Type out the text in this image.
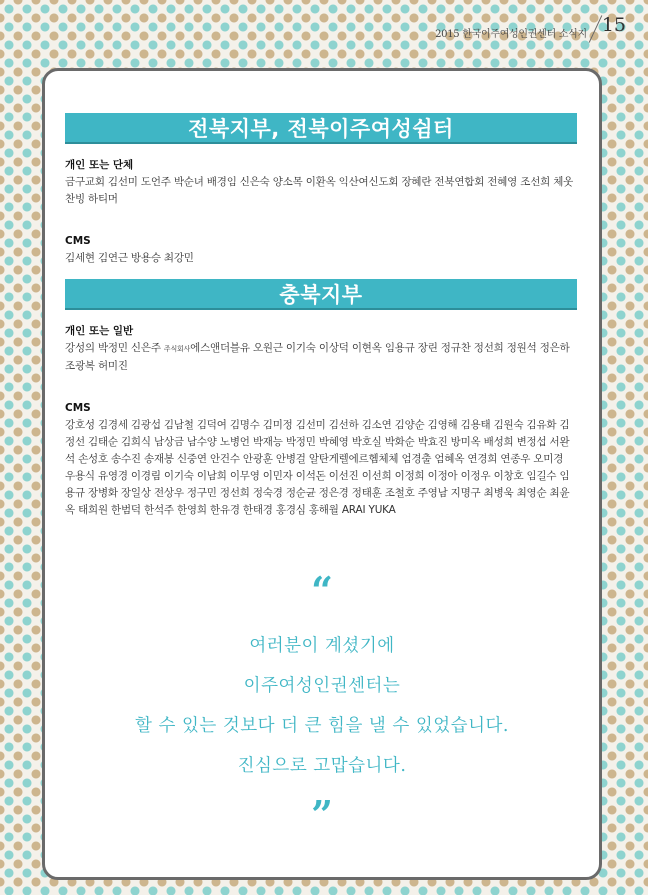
2015 한국이주여성인권센터 소식지 15
전북지부, 전북이주여성쉼터
개인 또는 단체
금구교회 김선미 도언주 박순녀 배경임 신은숙 양소목 이환옥 익산여신도회 장혜란 전북연합회 전혜영 조선희 체웃찬빙 하티머
CMS
김세현 김연근 방용승 최강민
충북지부
개인 또는 일반
강성의 박정민 신은주 주식회사에스앤더블유 오원근 이기숙 이상덕 이현옥 임용규 장린 정규찬 정선희 정원석 정은하 조광복 허미진
CMS
강호성 김경세 김광섭 김남철 김덕여 김명수 김미정 김선미 김선하 김소연 김양순 김영해 김용태 김원숙 김유화 김정선 김태순 김희식 남상금 남수양 노병언 박재능 박정민 박혜영 박호실 박화순 박효진 방미옥 배성희 변정섭 서완석 손성호 송수진 송재봉 신중연 안건수 안광훈 안병걸 알탄게렐에르헴체체 엄경출 엄혜옥 연경희 연종우 오미경 우용식 유영경 이경림 이기숙 이남희 이무영 이민자 이석돈 이선진 이선희 이정희 이정아 이정우 이창호 임길수 임용규 장병화 장일상 전상우 정구민 정선희 정숙경 정순균 정은경 정태훈 조철호 주영남 지명구 최병욱 최영순 최윤옥 태희원 한범덕 한석주 한영희 한유경 한태경 홍경심 홍해월 ARAI YUKA
“
여러분이 계셨기에
이주여성인권센터는
할 수 있는 것보다 더 큰 힘을 낼 수 있었습니다.
진심으로 고맙습니다.
”
